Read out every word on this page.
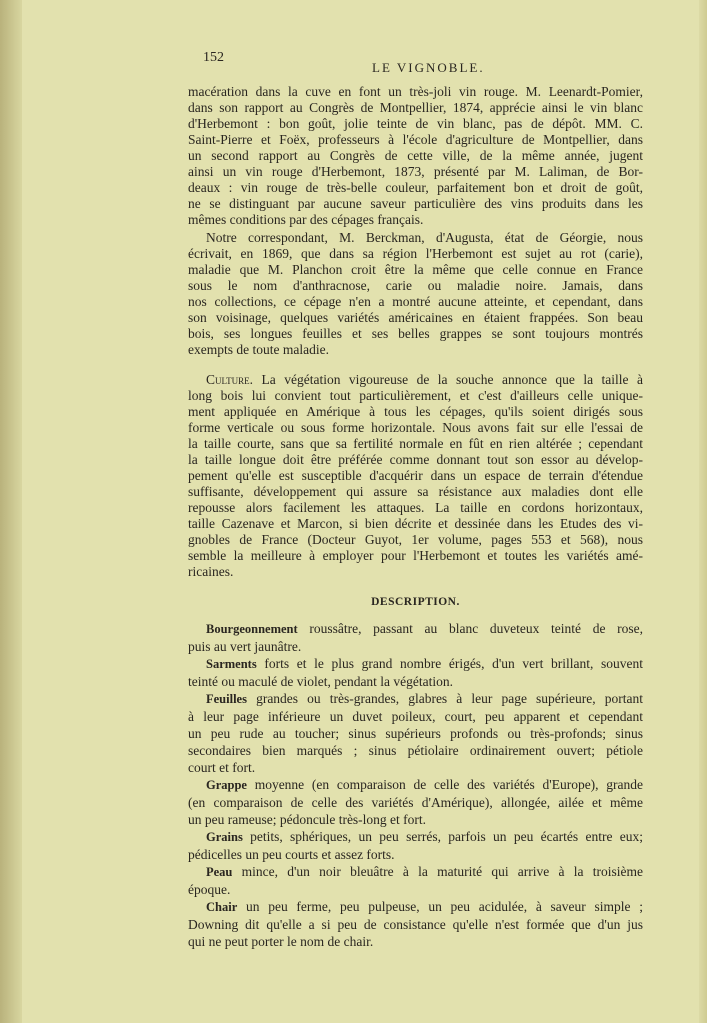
152
LE VIGNOBLE.
macération dans la cuve en font un très-joli vin rouge. M. Leenardt-Pomier,
dans son rapport au Congrès de Montpellier, 1874, apprécie ainsi le vin blanc
d'Herbemont : bon goût, jolie teinte de vin blanc, pas de dépôt. MM. C.
Saint-Pierre et Foëx, professeurs à l'école d'agriculture de Montpellier, dans
un second rapport au Congrès de cette ville, de la même année, jugent
ainsi un vin rouge d'Herbemont, 1873, présenté par M. Laliman, de Bor-
deaux : vin rouge de très-belle couleur, parfaitement bon et droit de goût,
ne se distinguant par aucune saveur particulière des vins produits dans les
mêmes conditions par des cépages français.
Notre correspondant, M. Berckman, d'Augusta, état de Géorgie, nous
écrivait, en 1869, que dans sa région l'Herbemont est sujet au rot (carie),
maladie que M. Planchon croit être la même que celle connue en France
sous le nom d'anthracnose, carie ou maladie noire. Jamais, dans
nos collections, ce cépage n'en a montré aucune atteinte, et cependant, dans
son voisinage, quelques variétés américaines en étaient frappées. Son beau
bois, ses longues feuilles et ses belles grappes se sont toujours montrés
exempts de toute maladie.
Culture. La végétation vigoureuse de la souche annonce que la taille à
long bois lui convient tout particulièrement, et c'est d'ailleurs celle unique-
ment appliquée en Amérique à tous les cépages, qu'ils soient dirigés sous
forme verticale ou sous forme horizontale. Nous avons fait sur elle l'essai de
la taille courte, sans que sa fertilité normale en fût en rien altérée ; cependant
la taille longue doit être préférée comme donnant tout son essor au dévelop-
pement qu'elle est susceptible d'acquérir dans un espace de terrain d'étendue
suffisante, développement qui assure sa résistance aux maladies dont elle
repousse alors facilement les attaques. La taille en cordons horizontaux,
taille Cazenave et Marcon, si bien décrite et dessinée dans les Etudes des vi-
gnobles de France (Docteur Guyot, 1er volume, pages 553 et 568), nous
semble la meilleure à employer pour l'Herbemont et toutes les variétés amé-
ricaines.
DESCRIPTION.
Bourgeonnement roussâtre, passant au blanc duveteux teinté de rose,
puis au vert jaunâtre.
Sarments forts et le plus grand nombre érigés, d'un vert brillant, souvent
teinté ou maculé de violet, pendant la végétation.
Feuilles grandes ou très-grandes, glabres à leur page supérieure, portant
à leur page inférieure un duvet poileux, court, peu apparent et cependant
un peu rude au toucher; sinus supérieurs profonds ou très-profonds; sinus
secondaires bien marqués ; sinus pétiolaire ordinairement ouvert; pétiole
court et fort.
Grappe moyenne (en comparaison de celle des variétés d'Europe), grande
(en comparaison de celle des variétés d'Amérique), allongée, ailée et même
un peu rameuse; pédoncule très-long et fort.
Grains petits, sphériques, un peu serrés, parfois un peu écartés entre eux;
pédicelles un peu courts et assez forts.
Peau mince, d'un noir bleuâtre à la maturité qui arrive à la troisième
époque.
Chair un peu ferme, peu pulpeuse, un peu acidulée, à saveur simple ;
Downing dit qu'elle a si peu de consistance qu'elle n'est formée que d'un jus
qui ne peut porter le nom de chair.
